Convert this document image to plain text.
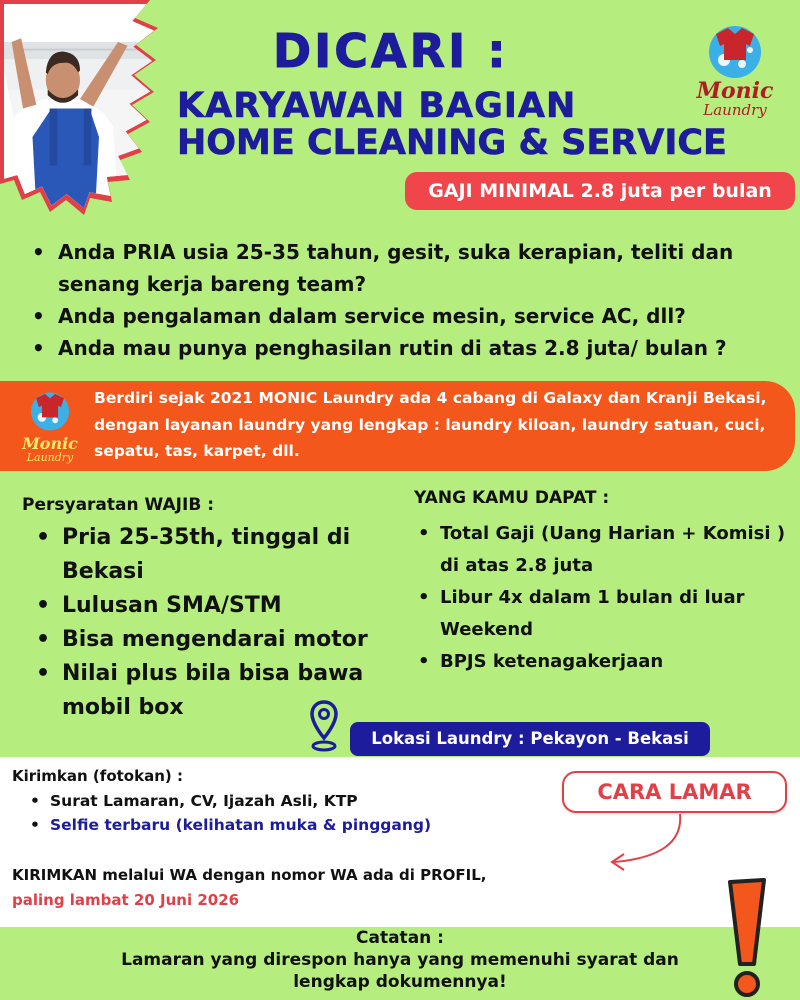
DICARI :
KARYAWAN BAGIAN
HOME CLEANING & SERVICE
Monic
Laundry
GAJI MINIMAL 2.8 juta per bulan
• Anda PRIA usia 25-35 tahun, gesit, suka kerapian, teliti dan senang kerja bareng team?
• Anda pengalaman dalam service mesin, service AC, dll?
• Anda mau punya penghasilan rutin di atas 2.8 juta/ bulan ?
Monic
Laundry
Berdiri sejak 2021 MONIC Laundry ada 4 cabang di Galaxy dan Kranji Bekasi, dengan layanan laundry yang lengkap : laundry kiloan, laundry satuan, cuci, sepatu, tas, karpet, dll.
Persyaratan WAJIB :
• Pria 25-35th, tinggal di Bekasi
• Lulusan SMA/STM
• Bisa mengendarai motor
• Nilai plus bila bisa bawa mobil box
YANG KAMU DAPAT :
• Total Gaji (Uang Harian + Komisi ) di atas 2.8 juta
• Libur 4x dalam 1 bulan di luar Weekend
• BPJS ketenagakerjaan
Lokasi Laundry : Pekayon - Bekasi
Kirimkan (fotokan) :
• Surat Lamaran, CV, Ijazah Asli, KTP
• Selfie terbaru (kelihatan muka & pinggang)
CARA LAMAR
KIRIMKAN melalui WA dengan nomor WA ada di PROFIL,
paling lambat 20 Juni 2026
Catatan :
Lamaran yang direspon hanya yang memenuhi syarat dan
lengkap dokumennya!
